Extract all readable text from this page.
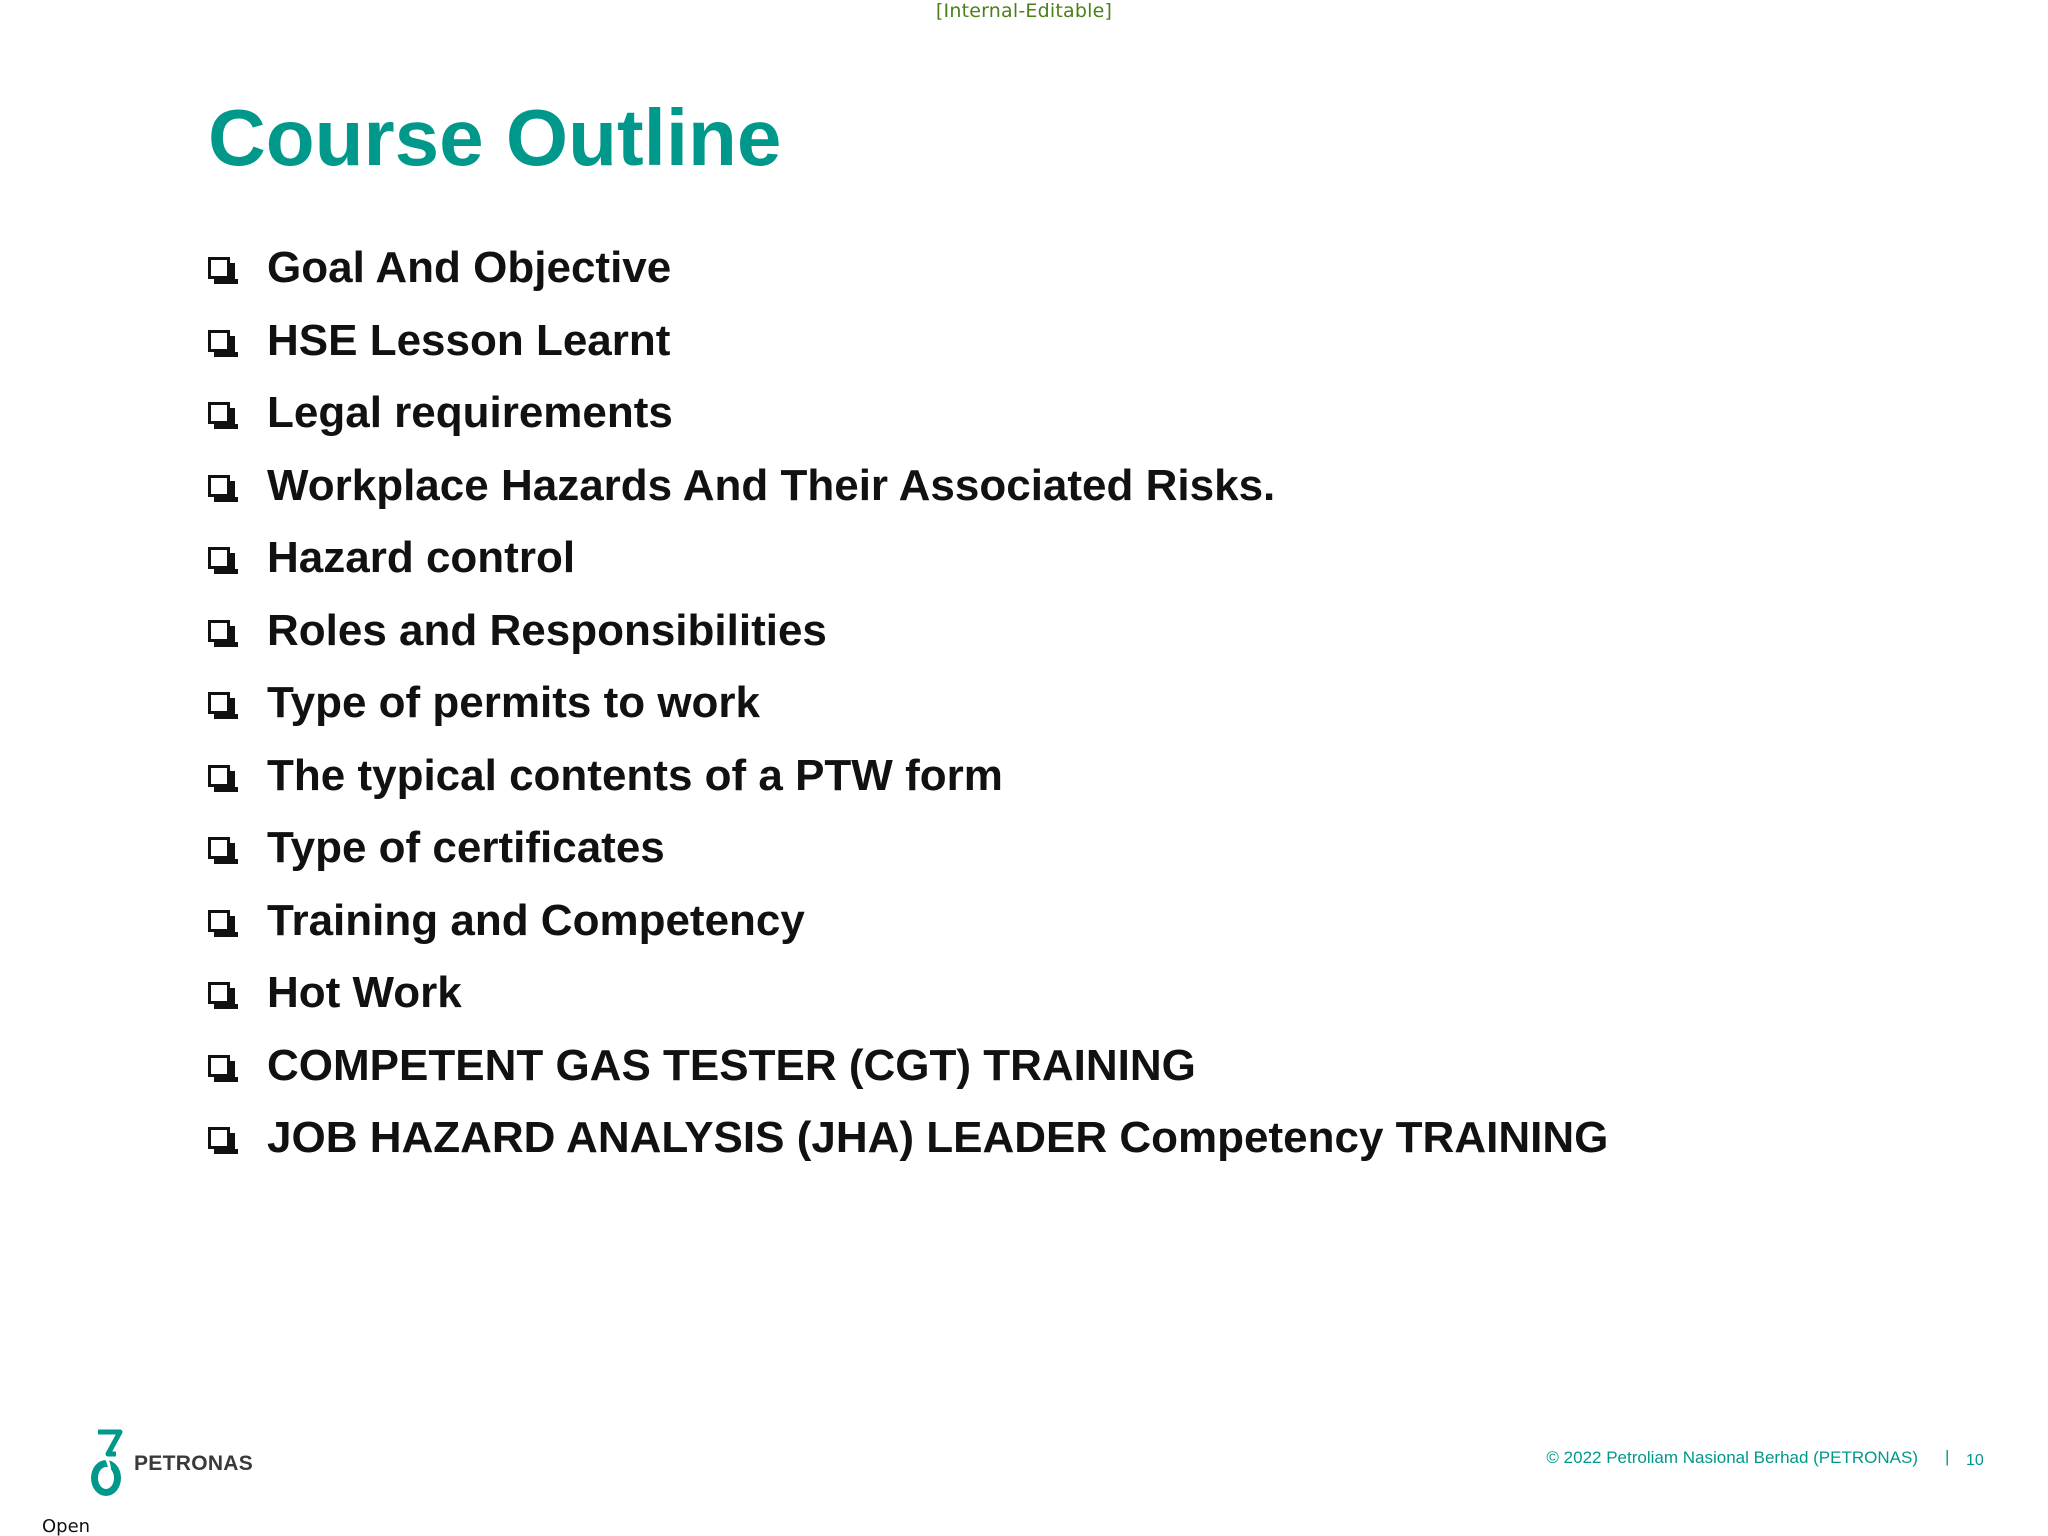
[Internal-Editable]
Course Outline
Goal And Objective
HSE Lesson Learnt
Legal requirements
Workplace Hazards And Their Associated Risks.
Hazard control
Roles and Responsibilities
Type of permits to work
The typical contents of a PTW form
Type of certificates
Training and Competency
Hot Work
COMPETENT GAS TESTER (CGT) TRAINING
JOB HAZARD ANALYSIS (JHA) LEADER Competency TRAINING
PETRONAS	© 2022 Petroliam Nasional Berhad (PETRONAS) | 10
Open
